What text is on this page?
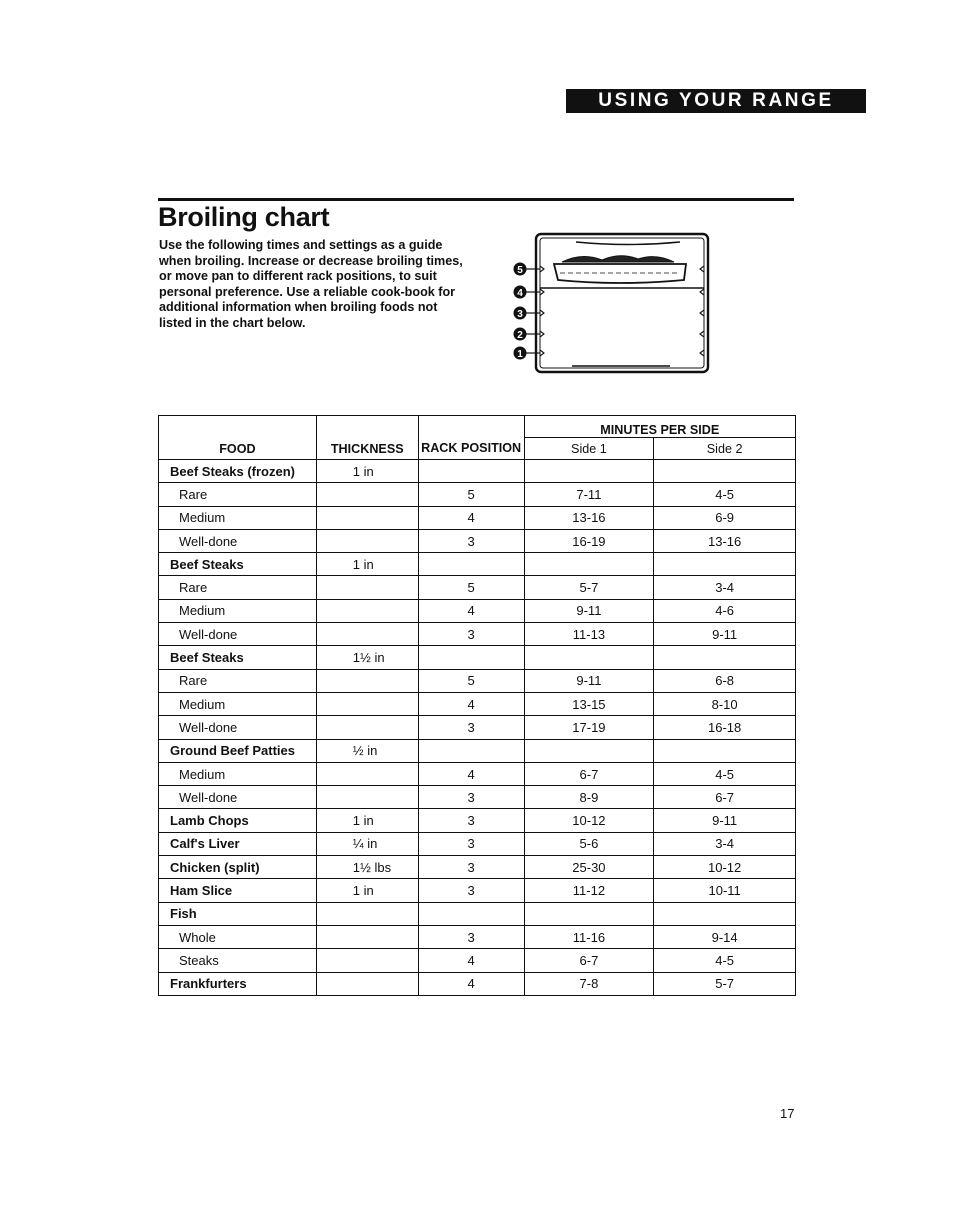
USING YOUR RANGE
Broiling chart

Use the following times and settings as a guide when broiling. Increase or decrease broiling times, or move pan to different rack positions, to suit personal preference. Use a reliable cook-book for additional information when broiling foods not listed in the chart below.

5
4
3
2
1
FOOD	THICKNESS	RACK POSITION	MINUTES PER SIDE	
			Side 1	Side 2
Beef Steaks (frozen)	1 in			
Rare		5	7-11	4-5
Medium		4	13-16	6-9
Well-done		3	16-19	13-16
Beef Steaks	1 in			
Rare		5	5-7	3-4
Medium		4	9-11	4-6
Well-done		3	11-13	9-11
Beef Steaks	1½ in			
Rare		5	9-11	6-8
Medium		4	13-15	8-10
Well-done		3	17-19	16-18
Ground Beef Patties	½ in			
Medium		4	6-7	4-5
Well-done		3	8-9	6-7
Lamb Chops	1 in	3	10-12	9-11
Calf's Liver	¼ in	3	5-6	3-4
Chicken (split)	1½ lbs	3	25-30	10-12
Ham Slice	1 in	3	11-12	10-11
Fish				
Whole		3	11-16	9-14
Steaks		4	6-7	4-5
Frankfurters		4	7-8	5-7
17
